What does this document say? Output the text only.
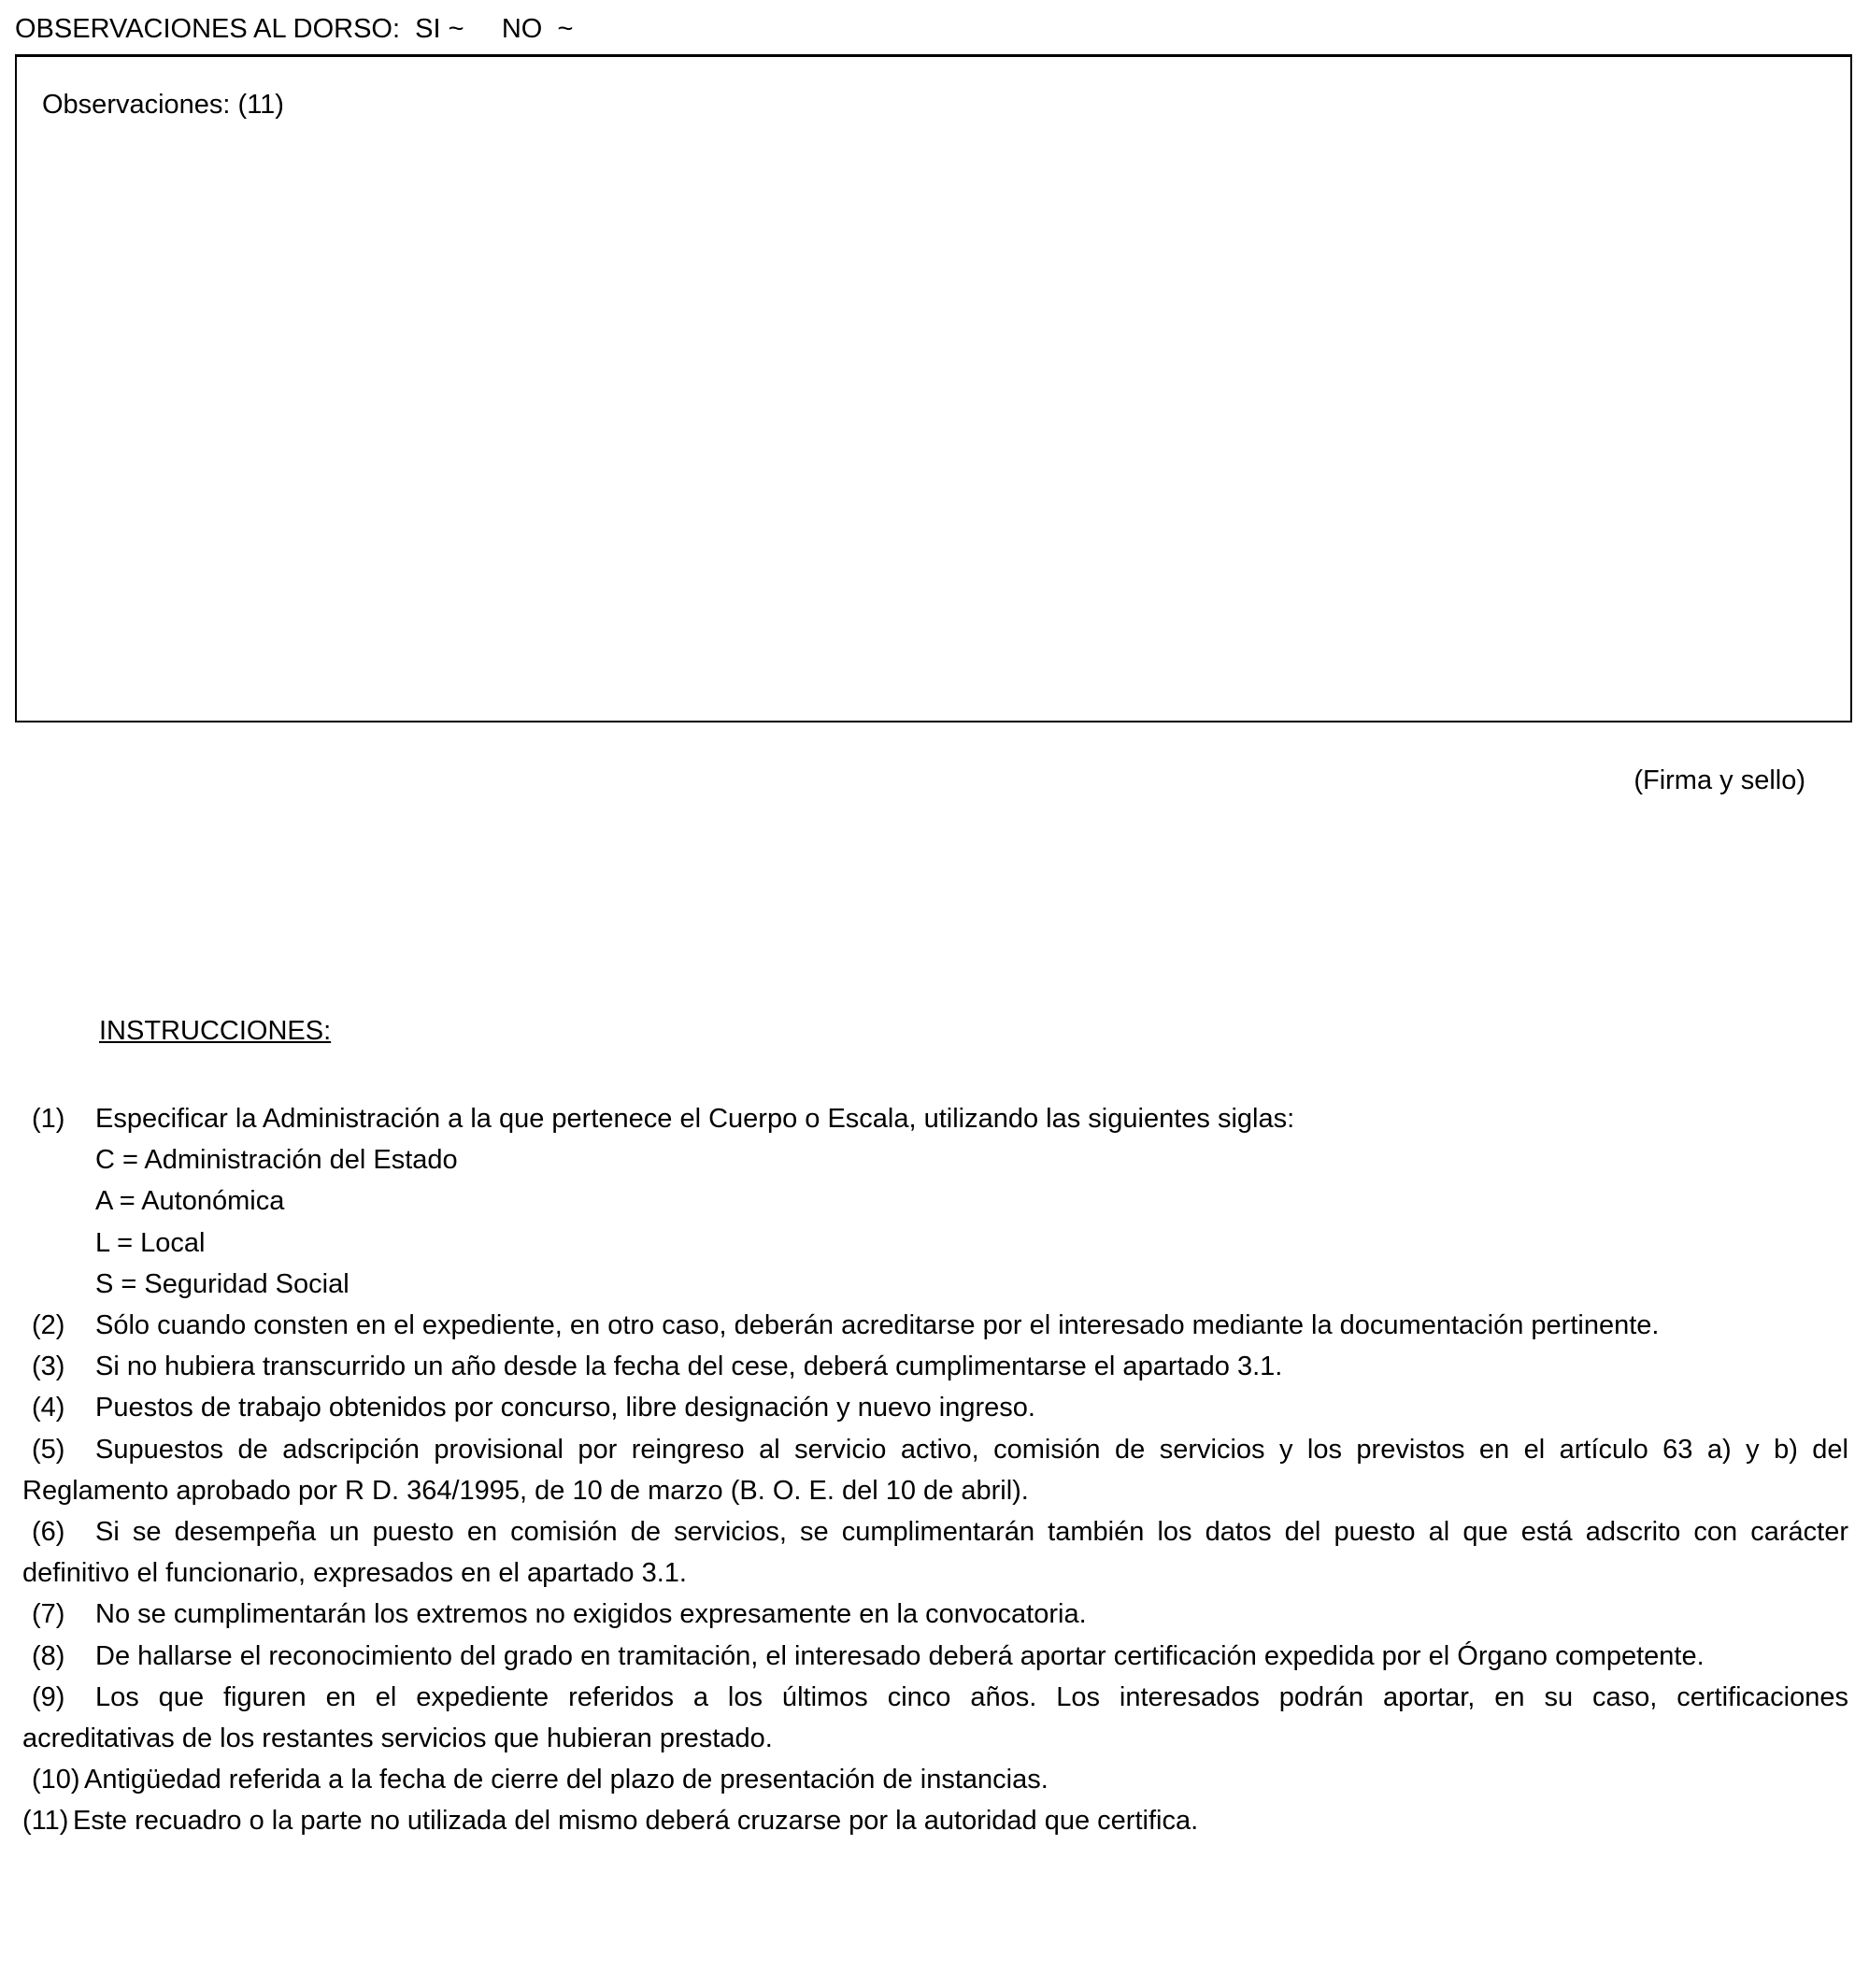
OBSERVACIONES AL DORSO:  SI ~     NO  ~
Observaciones: (11)
(Firma y sello)
INSTRUCCIONES:
(1) Especificar la Administración a la que pertenece el Cuerpo o Escala, utilizando las siguientes siglas:
C = Administración del Estado
A = Autonómica
L = Local
S = Seguridad Social
(2) Sólo cuando consten en el expediente, en otro caso, deberán acreditarse por el interesado mediante la documentación pertinente.
(3) Si no hubiera transcurrido un año desde la fecha del cese, deberá cumplimentarse el apartado 3.1.
(4) Puestos de trabajo obtenidos por concurso, libre designación y nuevo ingreso.
(5) Supuestos de adscripción provisional por reingreso al servicio activo, comisión de servicios y los previstos en el artículo 63 a) y b) del
Reglamento aprobado por R D. 364/1995, de 10 de marzo (B. O. E. del 10 de abril).
(6) Si se desempeña un puesto en comisión de servicios, se cumplimentarán también los datos del puesto al que está adscrito con carácter
definitivo el funcionario, expresados en el apartado 3.1.
(7) No se cumplimentarán los extremos no exigidos expresamente en la convocatoria.
(8) De hallarse el reconocimiento del grado en tramitación, el interesado deberá aportar certificación expedida por el Órgano competente.
(9) Los que figuren en el expediente referidos a los últimos cinco años. Los interesados podrán aportar, en su caso, certificaciones
acreditativas de los restantes servicios que hubieran prestado.
(10) Antigüedad referida a la fecha de cierre del plazo de presentación de instancias.
(11) Este recuadro o la parte no utilizada del mismo deberá cruzarse por la autoridad que certifica.
